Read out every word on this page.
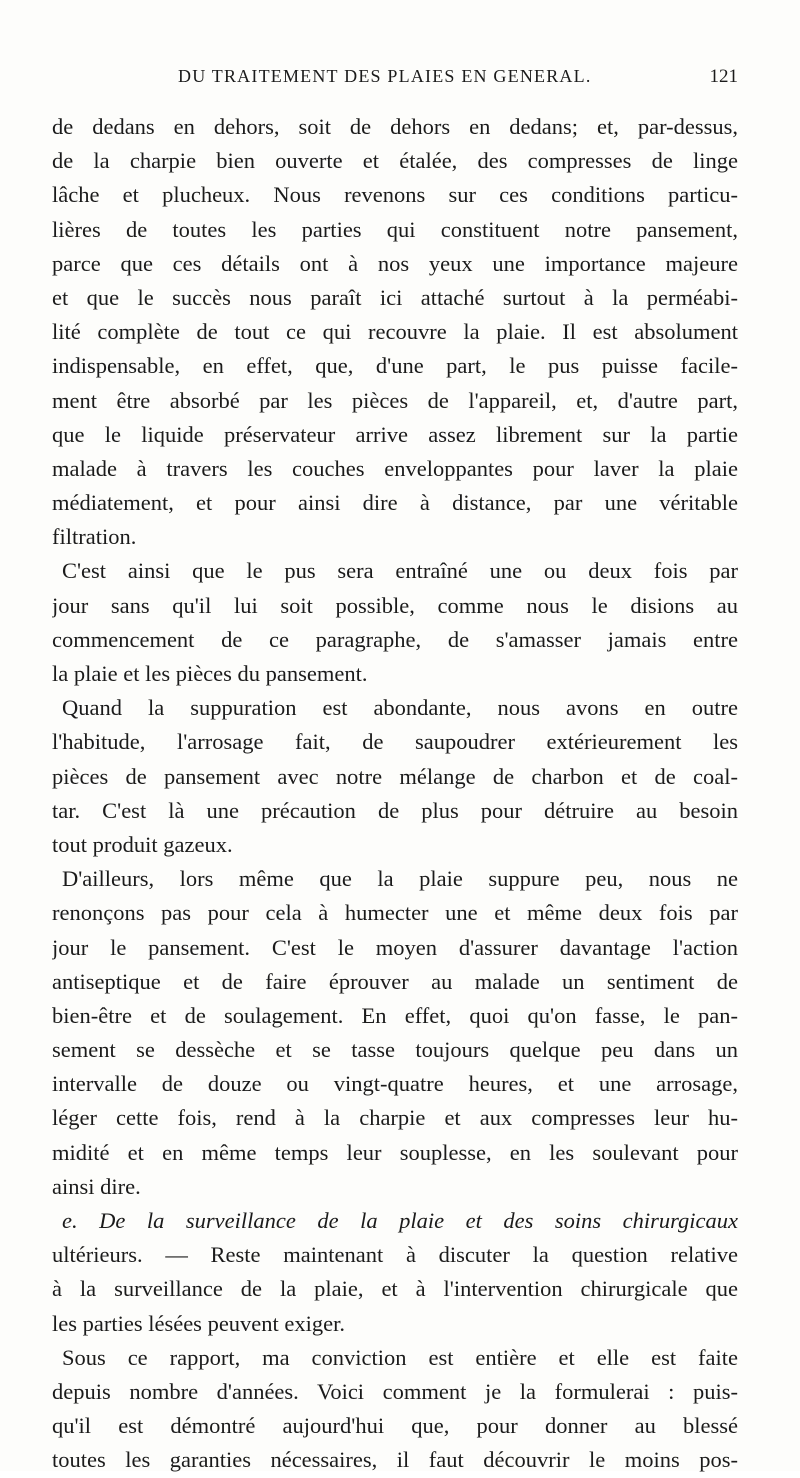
DU TRAITEMENT DES PLAIES EN GENERAL.	121
de dedans en dehors, soit de dehors en dedans; et, par-dessus,
de la charpie bien ouverte et étalée, des compresses de linge
lâche et plucheux. Nous revenons sur ces conditions particu-
lières de toutes les parties qui constituent notre pansement,
parce que ces détails ont à nos yeux une importance majeure
et que le succès nous paraît ici attaché surtout à la perméabi-
lité complète de tout ce qui recouvre la plaie. Il est absolument
indispensable, en effet, que, d'une part, le pus puisse facile-
ment être absorbé par les pièces de l'appareil, et, d'autre part,
que le liquide préservateur arrive assez librement sur la partie
malade à travers les couches enveloppantes pour laver la plaie
médiatement, et pour ainsi dire à distance, par une véritable
filtration.
C'est ainsi que le pus sera entraîné une ou deux fois par
jour sans qu'il lui soit possible, comme nous le disions au
commencement de ce paragraphe, de s'amasser jamais entre
la plaie et les pièces du pansement.
Quand la suppuration est abondante, nous avons en outre
l'habitude, l'arrosage fait, de saupoudrer extérieurement les
pièces de pansement avec notre mélange de charbon et de coal-
tar. C'est là une précaution de plus pour détruire au besoin
tout produit gazeux.
D'ailleurs, lors même que la plaie suppure peu, nous ne
renonçons pas pour cela à humecter une et même deux fois par
jour le pansement. C'est le moyen d'assurer davantage l'action
antiseptique et de faire éprouver au malade un sentiment de
bien-être et de soulagement. En effet, quoi qu'on fasse, le pan-
sement se dessèche et se tasse toujours quelque peu dans un
intervalle de douze ou vingt-quatre heures, et une arrosage,
léger cette fois, rend à la charpie et aux compresses leur hu-
midité et en même temps leur souplesse, en les soulevant pour
ainsi dire.
e. De la surveillance de la plaie et des soins chirurgicaux
ultérieurs. — Reste maintenant à discuter la question relative
à la surveillance de la plaie, et à l'intervention chirurgicale que
les parties lésées peuvent exiger.
Sous ce rapport, ma conviction est entière et elle est faite
depuis nombre d'années. Voici comment je la formulerai : puis-
qu'il est démontré aujourd'hui que, pour donner au blessé
toutes les garanties nécessaires, il faut découvrir le moins pos-
